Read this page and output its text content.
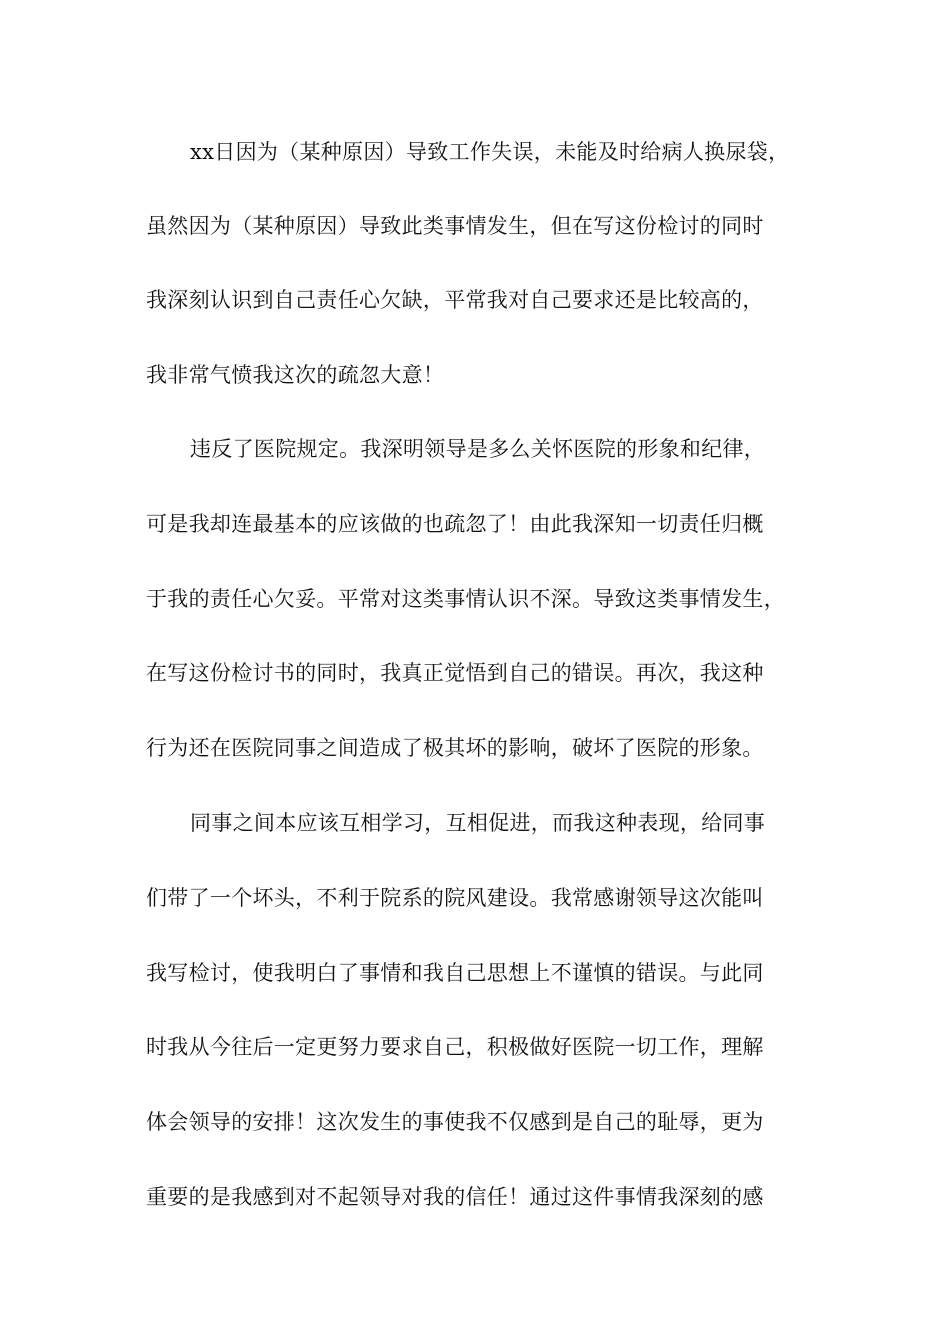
xx日因为（某种原因）导致工作失误，未能及时给病人换尿袋，
虽然因为（某种原因）导致此类事情发生，但在写这份检讨的同时
我深刻认识到自己责任心欠缺，平常我对自己要求还是比较高的，
我非常气愤我这次的疏忽大意！
违反了医院规定。我深明领导是多么关怀医院的形象和纪律，
可是我却连最基本的应该做的也疏忽了！由此我深知一切责任归概
于我的责任心欠妥。平常对这类事情认识不深。导致这类事情发生，
在写这份检讨书的同时，我真正觉悟到自己的错误。再次，我这种
行为还在医院同事之间造成了极其坏的影响，破坏了医院的形象。
同事之间本应该互相学习，互相促进，而我这种表现，给同事
们带了一个坏头，不利于院系的院风建设。我常感谢领导这次能叫
我写检讨，使我明白了事情和我自己思想上不谨慎的错误。与此同
时我从今往后一定更努力要求自己，积极做好医院一切工作，理解
体会领导的安排！这次发生的事使我不仅感到是自己的耻辱，更为
重要的是我感到对不起领导对我的信任！通过这件事情我深刻的感
